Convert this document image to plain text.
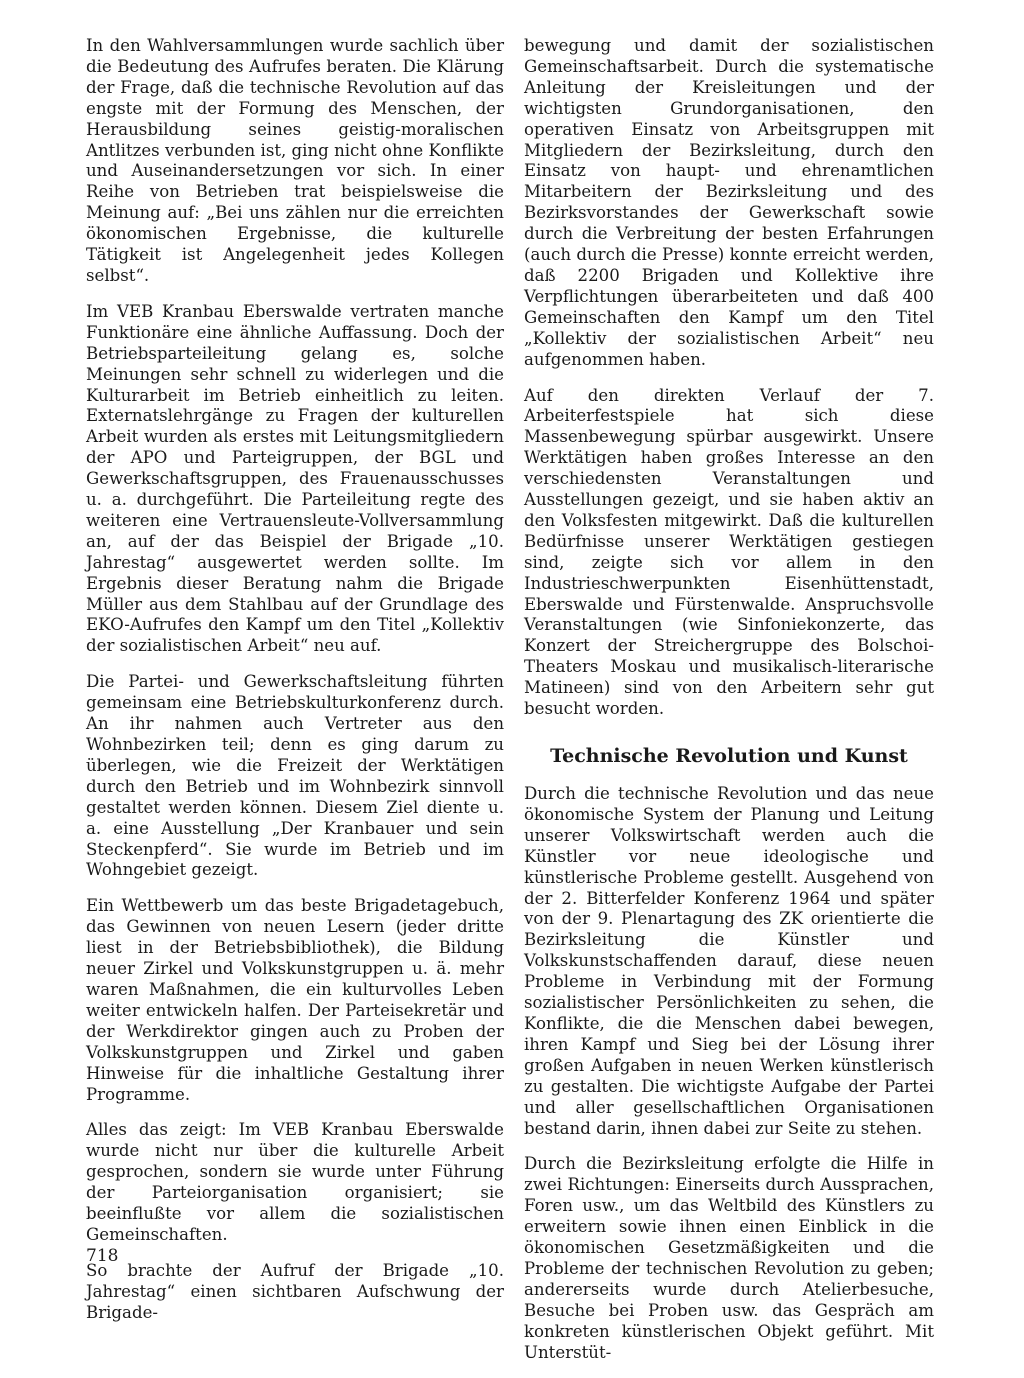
In den Wahlversammlungen wurde sachlich über die Bedeutung des Aufrufes beraten. Die Klärung der Frage, daß die technische Revolution auf das engste mit der Formung des Menschen, der Herausbildung seines geistig-moralischen Antlitzes verbunden ist, ging nicht ohne Konflikte und Auseinandersetzungen vor sich. In einer Reihe von Betrieben trat beispielsweise die Meinung auf: „Bei uns zählen nur die erreichten ökonomischen Ergebnisse, die kulturelle Tätigkeit ist Angelegenheit jedes Kollegen selbst“.

Im VEB Kranbau Eberswalde vertraten manche Funktionäre eine ähnliche Auffassung. Doch der Betriebsparteileitung gelang es, solche Meinungen sehr schnell zu widerlegen und die Kulturarbeit im Betrieb einheitlich zu leiten. Externatslehrgänge zu Fragen der kulturellen Arbeit wurden als erstes mit Leitungsmitgliedern der APO und Parteigruppen, der BGL und Gewerkschaftsgruppen, des Frauenausschusses u. a. durchgeführt. Die Parteileitung regte des weiteren eine Vertrauensleute-Vollversammlung an, auf der das Beispiel der Brigade „10. Jahrestag“ ausgewertet werden sollte. Im Ergebnis dieser Beratung nahm die Brigade Müller aus dem Stahlbau auf der Grundlage des EKO-Aufrufes den Kampf um den Titel „Kollektiv der sozialistischen Arbeit“ neu auf.

Die Partei- und Gewerkschaftsleitung führten gemeinsam eine Betriebskulturkonferenz durch. An ihr nahmen auch Vertreter aus den Wohnbezirken teil; denn es ging darum zu überlegen, wie die Freizeit der Werktätigen durch den Betrieb und im Wohnbezirk sinnvoll gestaltet werden können. Diesem Ziel diente u. a. eine Ausstellung „Der Kranbauer und sein Steckenpferd“. Sie wurde im Betrieb und im Wohngebiet gezeigt.

Ein Wettbewerb um das beste Brigadetagebuch, das Gewinnen von neuen Lesern (jeder dritte liest in der Betriebsbibliothek), die Bildung neuer Zirkel und Volkskunstgruppen u. ä. mehr waren Maßnahmen, die ein kulturvolles Leben weiter entwickeln halfen. Der Parteisekretär und der Werkdirektor gingen auch zu Proben der Volkskunstgruppen und Zirkel und gaben Hinweise für die inhaltliche Gestaltung ihrer Programme.

Alles das zeigt: Im VEB Kranbau Eberswalde wurde nicht nur über die kulturelle Arbeit gesprochen, sondern sie wurde unter Führung der Parteiorganisation organisiert; sie beeinflußte vor allem die sozialistischen Gemeinschaften.

So brachte der Aufruf der Brigade „10. Jahrestag“ einen sichtbaren Aufschwung der Brigade-

bewegung und damit der sozialistischen Gemeinschaftsarbeit. Durch die systematische Anleitung der Kreisleitungen und der wichtigsten Grundorganisationen, den operativen Einsatz von Arbeitsgruppen mit Mitgliedern der Bezirksleitung, durch den Einsatz von haupt- und ehrenamtlichen Mitarbeitern der Bezirksleitung und des Bezirksvorstandes der Gewerkschaft sowie durch die Verbreitung der besten Erfahrungen (auch durch die Presse) konnte erreicht werden, daß 2200 Brigaden und Kollektive ihre Verpflichtungen überarbeiteten und daß 400 Gemeinschaften den Kampf um den Titel „Kollektiv der sozialistischen Arbeit“ neu aufgenommen haben.

Auf den direkten Verlauf der 7. Arbeiterfestspiele hat sich diese Massenbewegung spürbar ausgewirkt. Unsere Werktätigen haben großes Interesse an den verschiedensten Veranstaltungen und Ausstellungen gezeigt, und sie haben aktiv an den Volksfesten mitgewirkt. Daß die kulturellen Bedürfnisse unserer Werktätigen gestiegen sind, zeigte sich vor allem in den Industrieschwerpunkten Eisenhüttenstadt, Eberswalde und Fürstenwalde. Anspruchsvolle Veranstaltungen (wie Sinfoniekonzerte, das Konzert der Streichergruppe des Bolschoi-Theaters Moskau und musikalisch-literarische Matineen) sind von den Arbeitern sehr gut besucht worden.

Technische Revolution und Kunst

Durch die technische Revolution und das neue ökonomische System der Planung und Leitung unserer Volkswirtschaft werden auch die Künstler vor neue ideologische und künstlerische Probleme gestellt. Ausgehend von der 2. Bitterfelder Konferenz 1964 und später von der 9. Plenartagung des ZK orientierte die Bezirksleitung die Künstler und Volkskunstschaffenden darauf, diese neuen Probleme in Verbindung mit der Formung sozialistischer Persönlichkeiten zu sehen, die Konflikte, die die Menschen dabei bewegen, ihren Kampf und Sieg bei der Lösung ihrer großen Aufgaben in neuen Werken künstlerisch zu gestalten. Die wichtigste Aufgabe der Partei und aller gesellschaftlichen Organisationen bestand darin, ihnen dabei zur Seite zu stehen.

Durch die Bezirksleitung erfolgte die Hilfe in zwei Richtungen: Einerseits durch Aussprachen, Foren usw., um das Weltbild des Künstlers zu erweitern sowie ihnen einen Einblick in die ökonomischen Gesetzmäßigkeiten und die Probleme der technischen Revolution zu geben; andererseits wurde durch Atelierbesuche, Besuche bei Proben usw. das Gespräch am konkreten künstlerischen Objekt geführt. Mit Unterstüt-

718
